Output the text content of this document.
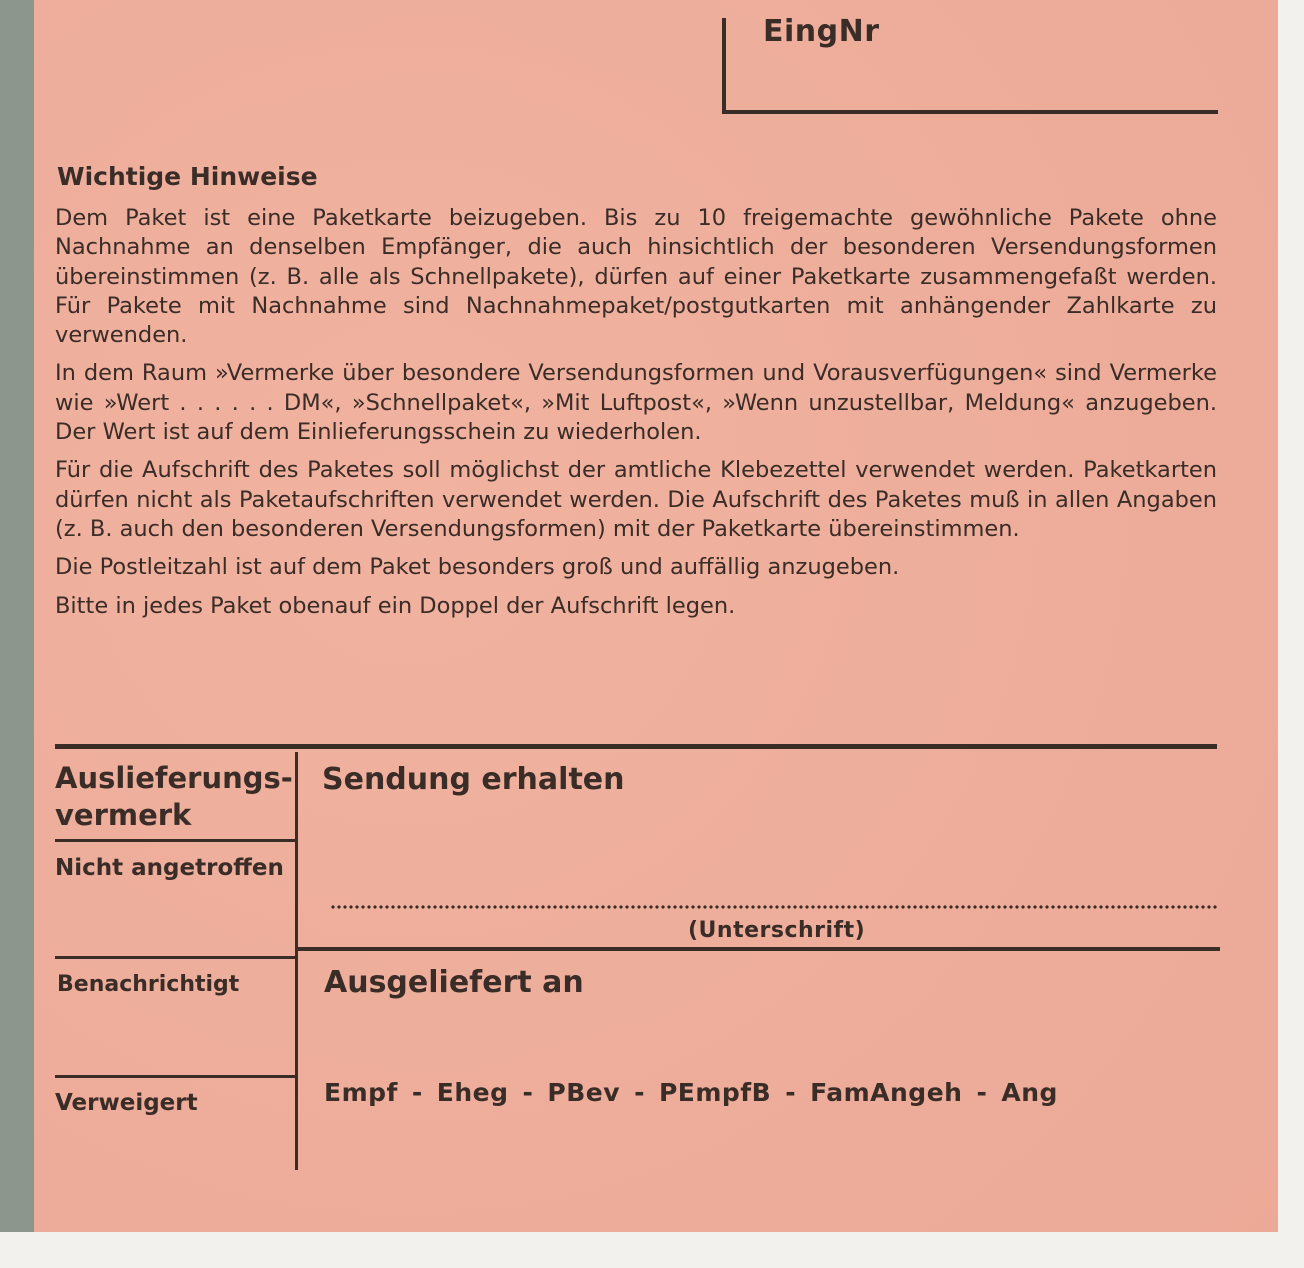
EingNr
Wichtige Hinweise

Dem Paket ist eine Paketkarte beizugeben. Bis zu 10 freigemachte gewöhnliche Pakete ohne Nachnahme an denselben Empfänger, die auch hinsichtlich der besonderen Versendungsformen übereinstimmen (z. B. alle als Schnellpakete), dürfen auf einer Paketkarte zusammengefaßt werden. Für Pakete mit Nachnahme sind Nachnahmepaket/postgutkarten mit anhängender Zahlkarte zu verwenden.

In dem Raum »Vermerke über besondere Versendungsformen und Vorausverfügungen« sind Vermerke wie »Wert . . . . . . DM«, »Schnellpaket«, »Mit Luftpost«, »Wenn unzustellbar, Meldung« anzugeben. Der Wert ist auf dem Einlieferungsschein zu wiederholen.

Für die Aufschrift des Paketes soll möglichst der amtliche Klebezettel verwendet werden. Paketkarten dürfen nicht als Paketaufschriften verwendet werden. Die Aufschrift des Paketes muß in allen Angaben (z. B. auch den besonderen Versendungsformen) mit der Paketkarte übereinstimmen.

Die Postleitzahl ist auf dem Paket besonders groß und auffällig anzugeben.

Bitte in jedes Paket obenauf ein Doppel der Aufschrift legen.

Auslieferungs-
vermerk
Nicht angetroffen
Benachrichtigt
Verweigert
Sendung erhalten
(Unterschrift)
Ausgeliefert an
Empf - Eheg - PBev - PEmpfB - FamAngeh - Ang
